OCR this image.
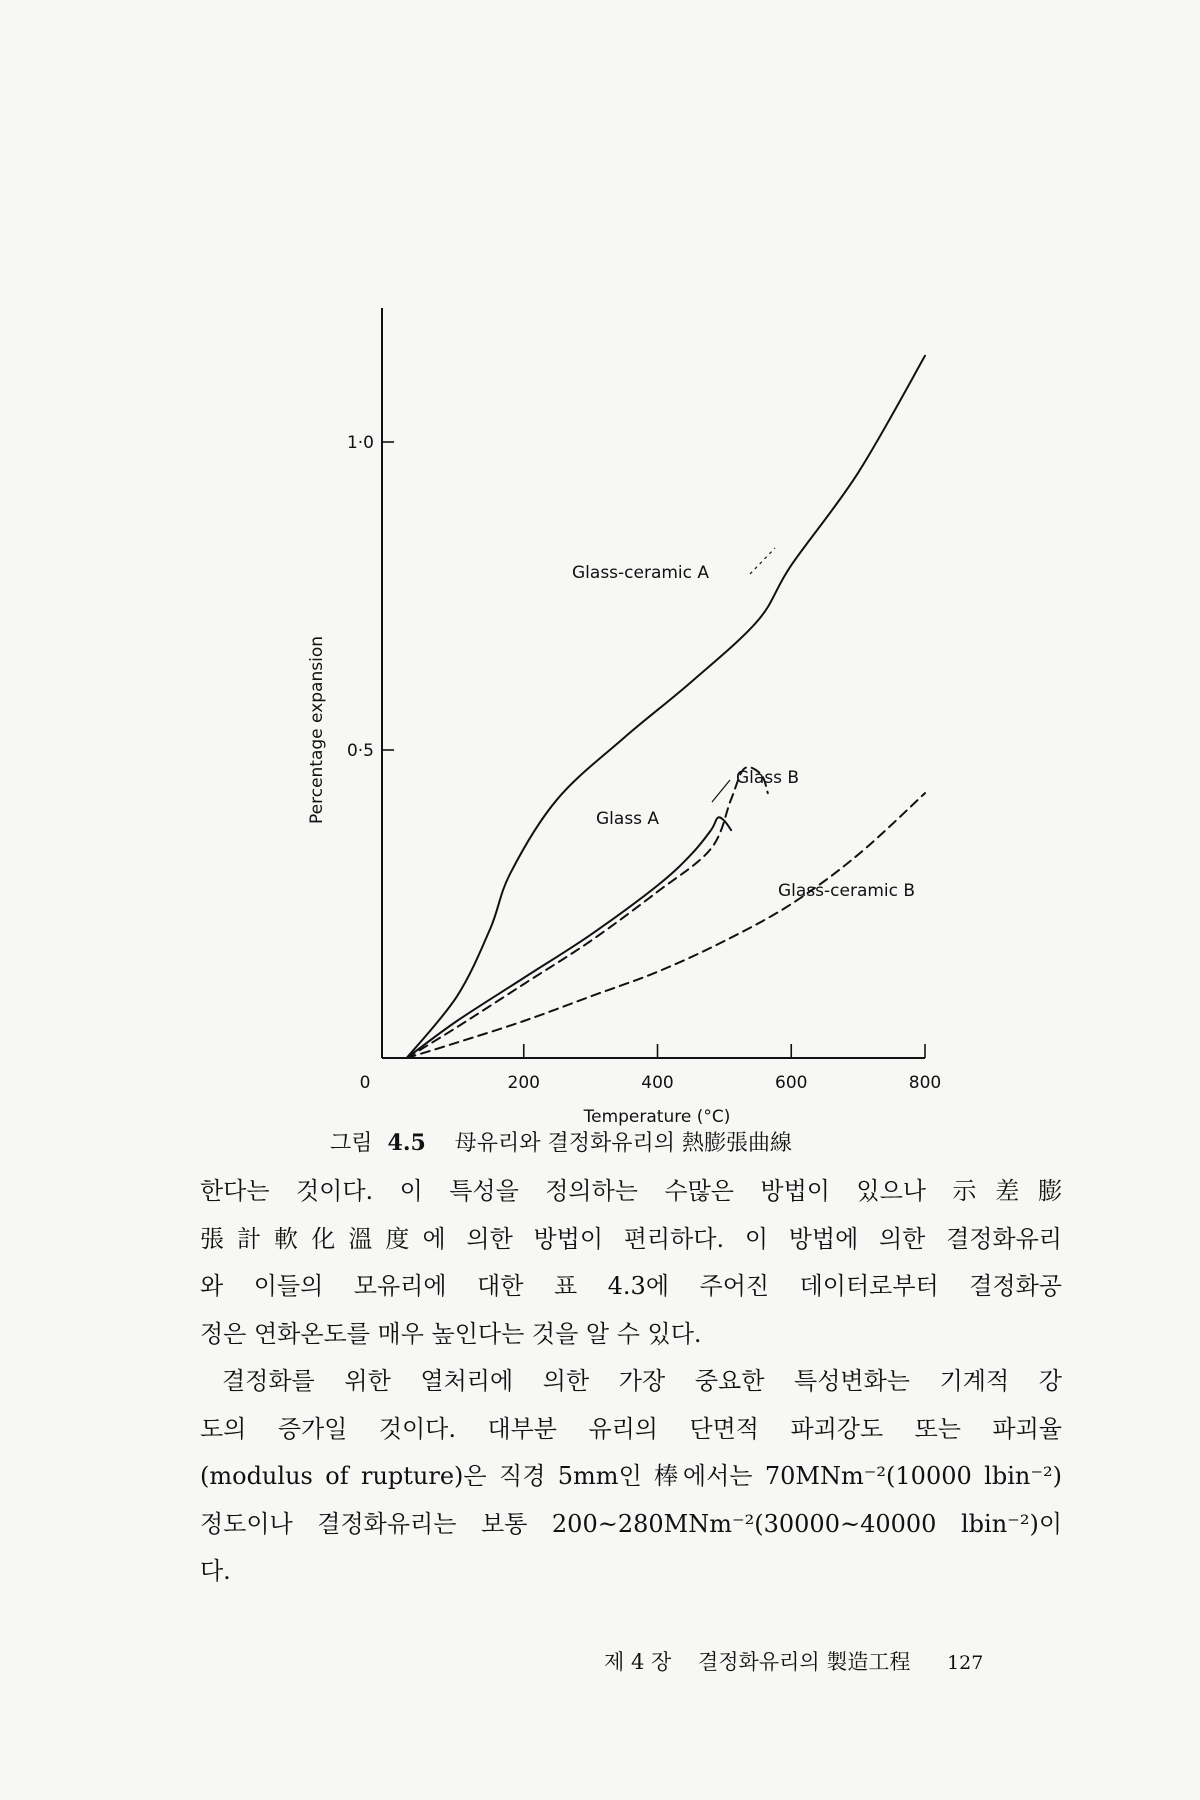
0	200	400	600	800
1·0
0·5
Temperature (°C)
Percentage expansion
Glass-ceramic A
Glass A
Glass B
Glass-ceramic B
그림 4.5 母유리와 결정화유리의 熱膨張曲線

한다는 것이다. 이 특성을 정의하는 수많은 방법이 있으나 示差膨

張計軟化溫度에 의한 방법이 편리하다. 이 방법에 의한 결정화유리

와 이들의 모유리에 대한 표 4.3에 주어진 데이터로부터 결정화공

정은 연화온도를 매우 높인다는 것을 알 수 있다.

결정화를 위한 열처리에 의한 가장 중요한 특성변화는 기계적 강

도의 증가일 것이다. 대부분 유리의 단면적 파괴강도 또는 파괴율

(modulus of rupture)은 직경 5mm인 棒에서는 70MNm⁻²(10000 lbin⁻²)

정도이나 결정화유리는 보통 200~280MNm⁻²(30000~40000 lbin⁻²)이

다.

제 4 장 결정화유리의 製造工程 127
